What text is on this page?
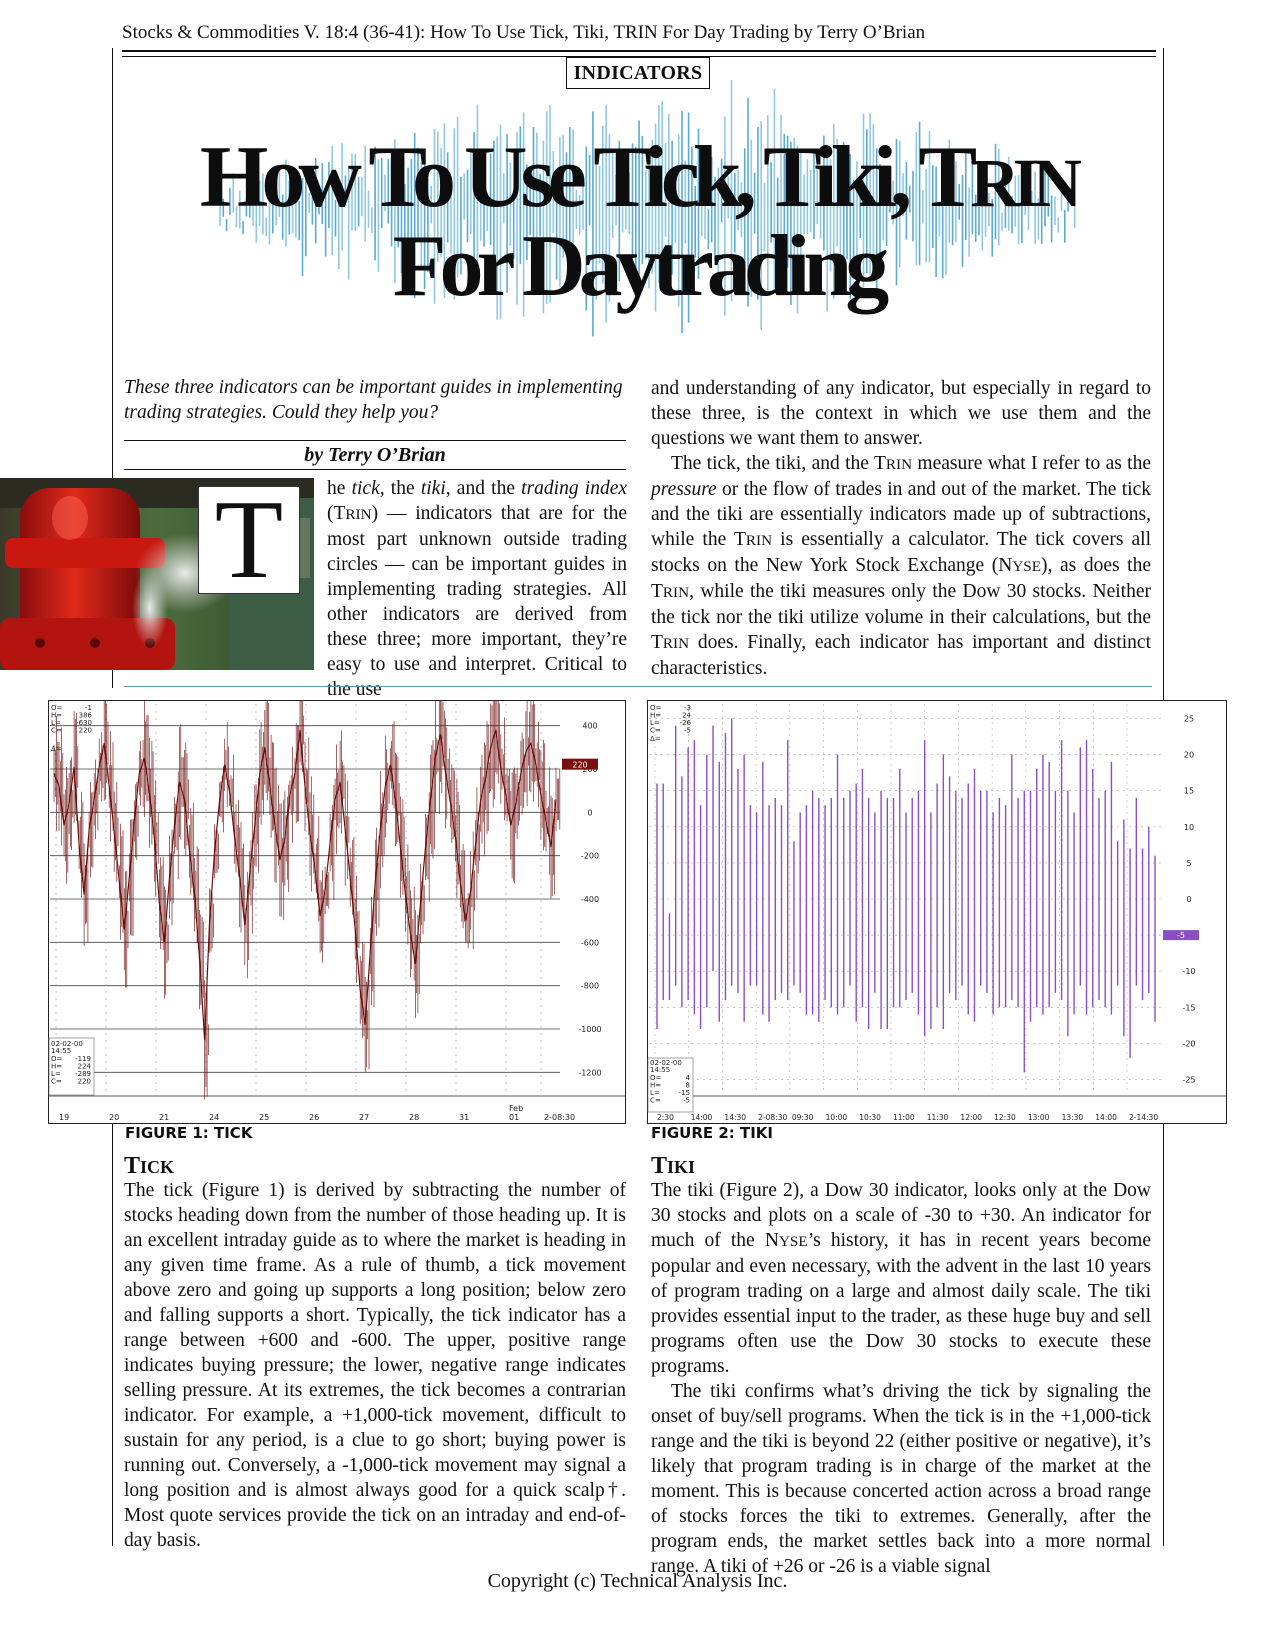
Stocks & Commodities V. 18:4 (36-41): How To Use Tick, Tiki, TRIN For Day Trading by Terry O’Brian
INDICATORS
How To Use Tick, Tiki, TRIN
For Daytrading
These three indicators can be important guides in implementing trading strategies. Could they help you?
by Terry O’Brian
T	he tick, the tiki, and the trading index (TRIN) — indicators that are for the most part unknown outside trading circles — can be important guides in implementing trading strategies. All other indicators are derived from these three; more important, they’re easy to use and interpret. Critical to the use

and understanding of any indicator, but especially in regard to these three, is the context in which we use them and the questions we want them to answer.

The tick, the tiki, and the TRIN measure what I refer to as the pressure or the flow of trades in and out of the market. The tick and the tiki are essentially indicators made up of subtractions, while the TRIN is essentially a calculator. The tick covers all stocks on the New York Stock Exchange (NYSE), as does the TRIN, while the tiki measures only the Dow 30 stocks. Neither the tick nor the tiki utilize volume in their calculations, but the TRIN does. Finally, each indicator has important and distinct characteristics.

400
0
-200
-400
-600
-800
-1000
-1200
19	20	21	24	25	26	27	28	31	01	2-08:30
Feb
220
O=	-1
H= 386
L= -630
C= 220
Δ=
02-02-00
14:55
O= -119
H= 224
L= -289
C= 220
25
20
15
10
5
0
-10
-15
-20
-25
2:30 14:00 14:30 2-08:30 09:30 10:00 10:30 11:00 11:30 12:00 12:30 13:00 13:30 14:00 2-14:30
-5
O=	-3
H=	24
L=	-26
C=	-5
Δ=
02-02-00
14:55
O=	4
H=	8
L=	-15
C=	-5
FIGURE 1: TICK	FIGURE 2: TIKI
TICK	TIKI

The tick (Figure 1) is derived by subtracting the number of stocks heading down from the number of those heading up. It is an excellent intraday guide as to where the market is heading in any given time frame. As a rule of thumb, a tick movement above zero and going up supports a long position; below zero and falling supports a short. Typically, the tick indicator has a range between +600 and -600. The upper, positive range indicates buying pressure; the lower, negative range indicates selling pressure. At its extremes, the tick becomes a contrarian indicator. For example, a +1,000-tick movement, difficult to sustain for any period, is a clue to go short; buying power is running out. Conversely, a -1,000-tick movement may signal a long position and is almost always good for a quick scalp†. Most quote services provide the tick on an intraday and end-of-day basis.

The tiki (Figure 2), a Dow 30 indicator, looks only at the Dow 30 stocks and plots on a scale of -30 to +30. An indicator for much of the NYSE’s history, it has in recent years become popular and even necessary, with the advent in the last 10 years of program trading on a large and almost daily scale. The tiki provides essential input to the trader, as these huge buy and sell programs often use the Dow 30 stocks to execute these programs.

The tiki confirms what’s driving the tick by signaling the onset of buy/sell programs. When the tick is in the +1,000-tick range and the tiki is beyond 22 (either positive or negative), it’s likely that program trading is in charge of the market at the moment. This is because concerted action across a broad range of stocks forces the tiki to extremes. Generally, after the program ends, the market settles back into a more normal range. A tiki of +26 or -26 is a viable signal

Copyright (c) Technical Analysis Inc.
